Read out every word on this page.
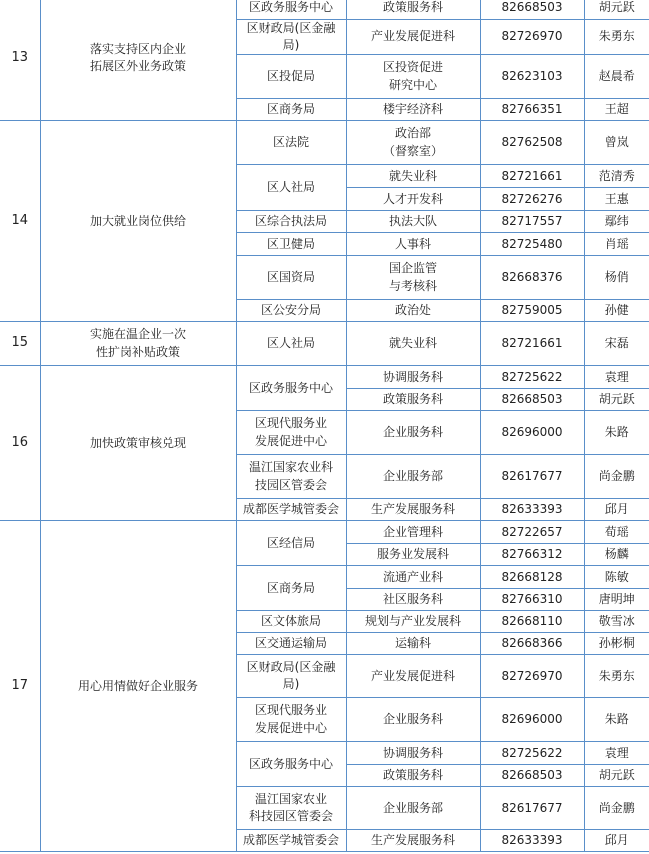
13	落实支持区内企业
拓展区外业务政策	区政务服务中心	政策服务科	82668503	胡元跃

		区财政局(区金融局)	产业发展促进科	82726970	朱勇东

		区投促局	区投资促进
研究中心	82623103	赵晨希

		区商务局	楼宇经济科	82766351	王超
14	加大就业岗位供给	区法院	政治部
（督察室）	82762508	曾岚

		区人社局	就失业科	82721661	范清秀

			人才开发科	82726276	王惠

		区综合执法局	执法大队	82717557	鄢纬

		区卫健局	人事科	82725480	肖瑶

		区国资局	国企监管
与考核科	82668376	杨俏

		区公安分局	政治处	82759005	孙健
15	实施在温企业一次
性扩岗补贴政策	区人社局	就失业科	82721661	宋磊
16	加快政策审核兑现	区政务服务中心	协调服务科	82725622	袁理

			政策服务科	82668503	胡元跃

		区现代服务业
发展促进中心	企业服务科	82696000	朱路

		温江国家农业科
技园区管委会	企业服务部	82617677	尚金鹏

		成都医学城管委会	生产发展服务科	82633393	邱月
17	用心用情做好企业服务	区经信局	企业管理科	82722657	荀瑶

			服务业发展科	82766312	杨麟

		区商务局	流通产业科	82668128	陈敏

			社区服务科	82766310	唐明坤

		区文体旅局	规划与产业发展科	82668110	敬雪冰

		区交通运输局	运输科	82668366	孙彬桐

		区财政局(区金融局)	产业发展促进科	82726970	朱勇东

		区现代服务业
发展促进中心	企业服务科	82696000	朱路

		区政务服务中心	协调服务科	82725622	袁理

			政策服务科	82668503	胡元跃

		温江国家农业
科技园区管委会	企业服务部	82617677	尚金鹏

		成都医学城管委会	生产发展服务科	82633393	邱月
